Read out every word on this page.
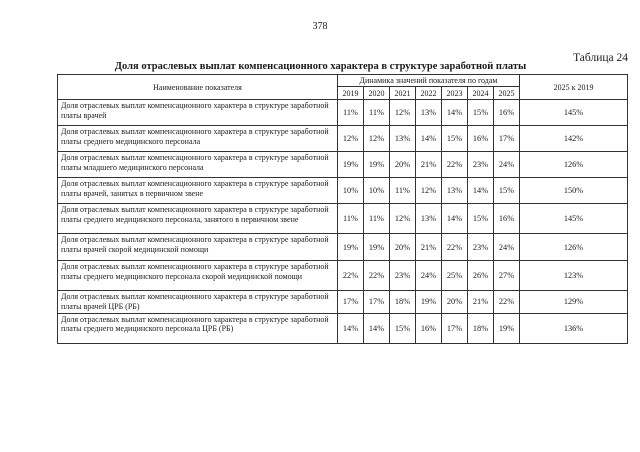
378
Таблица 24
Доля отраслевых выплат компенсационного характера в структуре заработной платы
Наименование показателя	Динамика значений показателя по годам							2025 к 2019
	2019	2020	2021	2022	2023	2024	2025	
Доля отраслевых выплат компенсационного характера в структуре заработной платы врачей	11%	11%	12%	13%	14%	15%	16%	145%
Доля отраслевых выплат компенсационного характера в структуре заработной платы среднего медицинского персонала	12%	12%	13%	14%	15%	16%	17%	142%
Доля отраслевых выплат компенсационного характера в структуре заработной платы младшего медицинского персонала	19%	19%	20%	21%	22%	23%	24%	126%
Доля отраслевых выплат компенсационного характера в структуре заработной платы врачей, занятых в первичном звене	10%	10%	11%	12%	13%	14%	15%	150%
Доля отраслевых выплат компенсационного характера в структуре заработной платы среднего медицинского персонала, занятого в первичном звене	11%	11%	12%	13%	14%	15%	16%	145%
Доля отраслевых выплат компенсационного характера в структуре заработной платы врачей скорой медицинской помощи	19%	19%	20%	21%	22%	23%	24%	126%
Доля отраслевых выплат компенсационного характера в структуре заработной платы среднего медицинского персонала скорой медицинской помощи	22%	22%	23%	24%	25%	26%	27%	123%
Доля отраслевых выплат компенсационного характера в структуре заработной платы врачей ЦРБ (РБ)	17%	17%	18%	19%	20%	21%	22%	129%
Доля отраслевых выплат компенсационного характера в структуре заработной платы среднего медицинского персонала ЦРБ (РБ)	14%	14%	15%	16%	17%	18%	19%	136%
